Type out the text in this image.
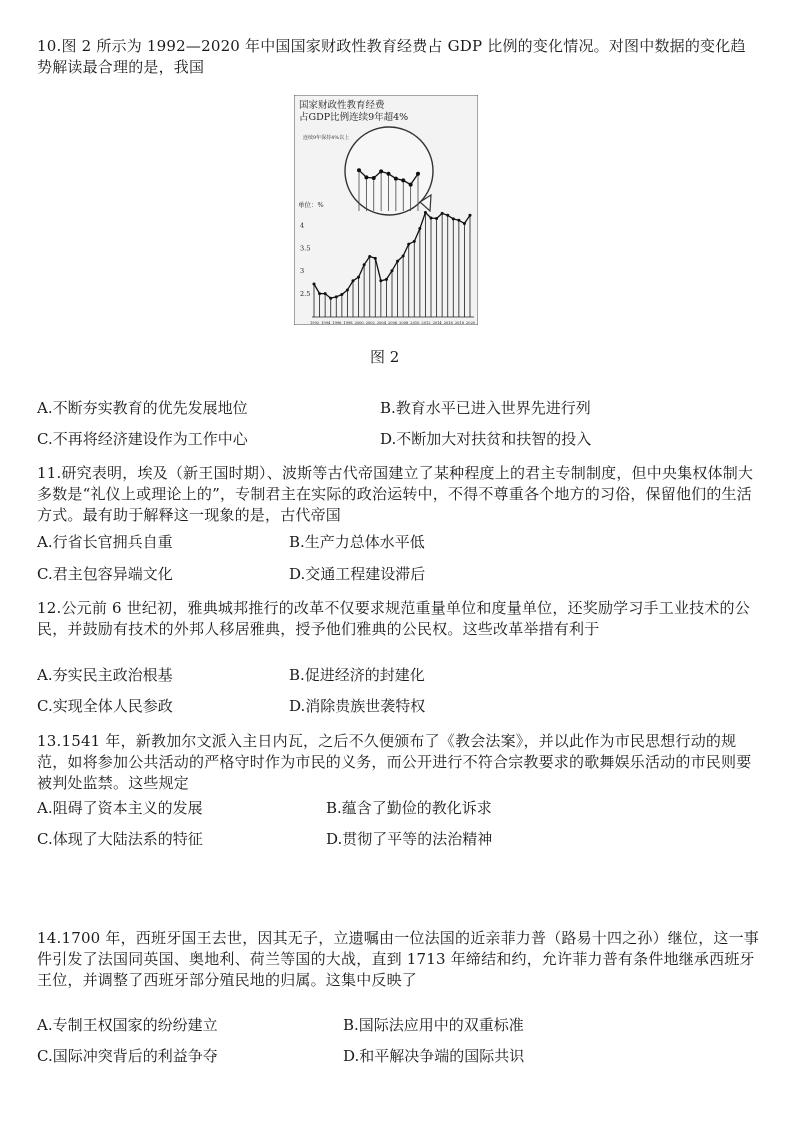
10.图 2 所示为 1992—2020 年中国国家财政性教育经费占 GDP 比例的变化情况。对图中数据的变化趋势解读最合理的是，我国
国家财政性教育经费
占GDP比例连续9年超4%
连续9年保持4%以上
单位：%
4
3.5
3
2.5
1992 1994 1996 1998 2000 2002 2004 2006 2008 2010 2012 2014 2016 2018 2020
图 2
A.不断夯实教育的优先发展地位	B.教育水平已进入世界先进行列
C.不再将经济建设作为工作中心	D.不断加大对扶贫和扶智的投入
11.研究表明，埃及（新王国时期）、波斯等古代帝国建立了某种程度上的君主专制制度，但中央集权体制大多数是“礼仪上或理论上的”，专制君主在实际的政治运转中，不得不尊重各个地方的习俗，保留他们的生活方式。最有助于解释这一现象的是，古代帝国
A.行省长官拥兵自重	B.生产力总体水平低
C.君主包容异端文化	D.交通工程建设滞后
12.公元前 6 世纪初，雅典城邦推行的改革不仅要求规范重量单位和度量单位，还奖励学习手工业技术的公民，并鼓励有技术的外邦人移居雅典，授予他们雅典的公民权。这些改革举措有利于
A.夯实民主政治根基	B.促进经济的封建化
C.实现全体人民参政	D.消除贵族世袭特权
13.1541 年，新教加尔文派入主日内瓦，之后不久便颁布了《教会法案》，并以此作为市民思想行动的规范，如将参加公共活动的严格守时作为市民的义务，而公开进行不符合宗教要求的歌舞娱乐活动的市民则要被判处监禁。这些规定
A.阻碍了资本主义的发展	B.蕴含了勤俭的教化诉求
C.体现了大陆法系的特征	D.贯彻了平等的法治精神
14.1700 年，西班牙国王去世，因其无子，立遗嘱由一位法国的近亲菲力普（路易十四之孙）继位，这一事件引发了法国同英国、奥地利、荷兰等国的大战，直到 1713 年缔结和约，允许菲力普有条件地继承西班牙王位，并调整了西班牙部分殖民地的归属。这集中反映了
A.专制王权国家的纷纷建立	B.国际法应用中的双重标准
C.国际冲突背后的利益争夺	D.和平解决争端的国际共识
